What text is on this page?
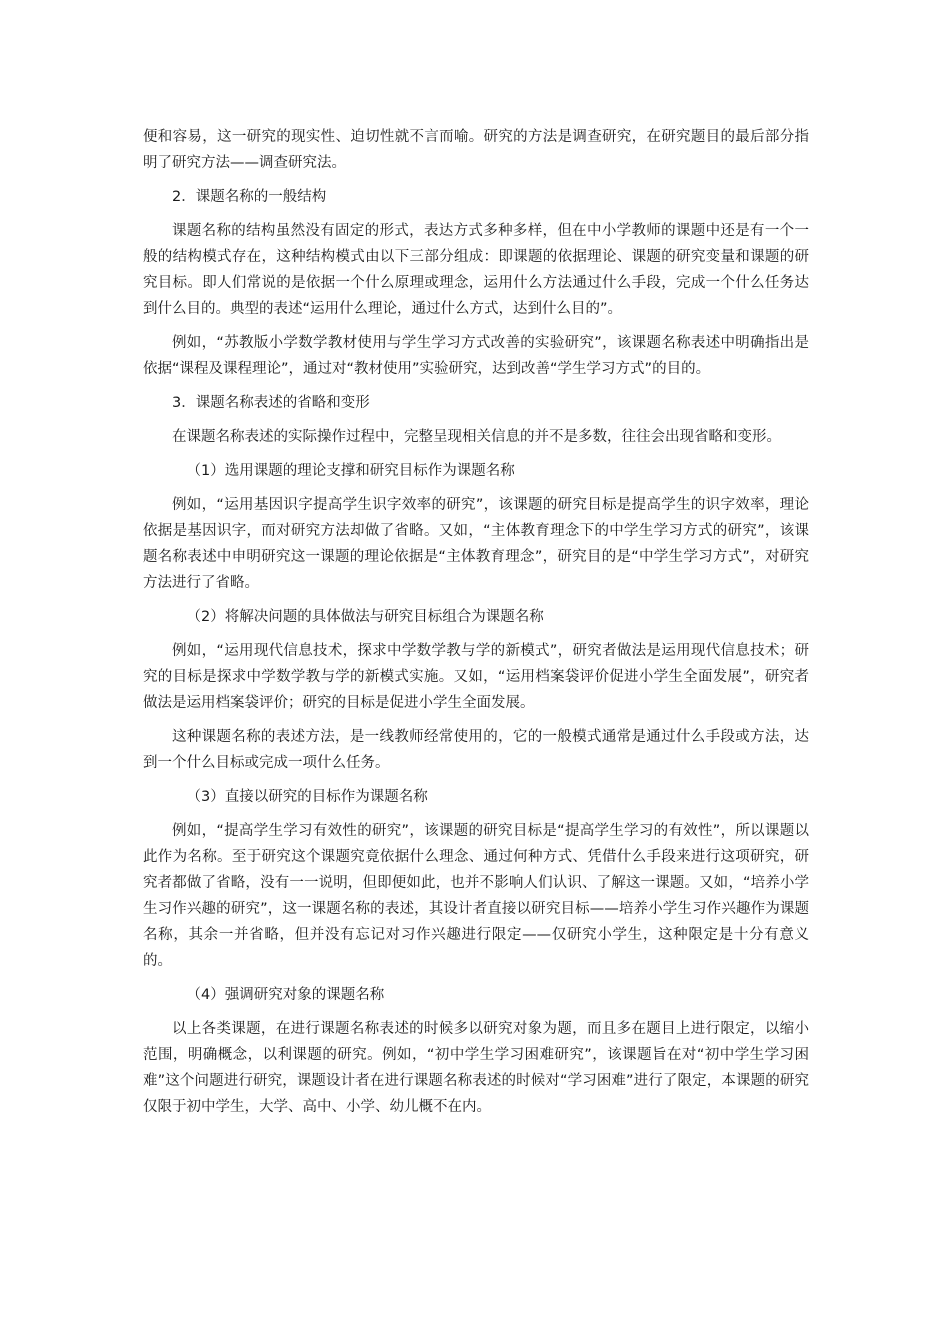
便和容易，这一研究的现实性、迫切性就不言而喻。研究的方法是调查研究，在研究题目的最后部分指明了研究方法——调查研究法。

2．课题名称的一般结构

课题名称的结构虽然没有固定的形式，表达方式多种多样，但在中小学教师的课题中还是有一个一般的结构模式存在，这种结构模式由以下三部分组成：即课题的依据理论、课题的研究变量和课题的研究目标。即人们常说的是依据一个什么原理或理念，运用什么方法通过什么手段，完成一个什么任务达到什么目的。典型的表述“运用什么理论，通过什么方式，达到什么目的”。

例如，“苏教版小学数学教材使用与学生学习方式改善的实验研究”，该课题名称表述中明确指出是依据“课程及课程理论”，通过对“教材使用”实验研究，达到改善“学生学习方式”的目的。

3．课题名称表述的省略和变形

在课题名称表述的实际操作过程中，完整呈现相关信息的并不是多数，往往会出现省略和变形。

（1）选用课题的理论支撑和研究目标作为课题名称

例如，“运用基因识字提高学生识字效率的研究”，该课题的研究目标是提高学生的识字效率，理论依据是基因识字，而对研究方法却做了省略。又如，“主体教育理念下的中学生学习方式的研究”，该课题名称表述中申明研究这一课题的理论依据是“主体教育理念”，研究目的是“中学生学习方式”，对研究方法进行了省略。

（2）将解决问题的具体做法与研究目标组合为课题名称

例如，“运用现代信息技术，探求中学数学教与学的新模式”，研究者做法是运用现代信息技术；研究的目标是探求中学数学教与学的新模式实施。又如，“运用档案袋评价促进小学生全面发展”，研究者做法是运用档案袋评价；研究的目标是促进小学生全面发展。

这种课题名称的表述方法，是一线教师经常使用的，它的一般模式通常是通过什么手段或方法，达到一个什么目标或完成一项什么任务。

（3）直接以研究的目标作为课题名称

例如，“提高学生学习有效性的研究”，该课题的研究目标是“提高学生学习的有效性”，所以课题以此作为名称。至于研究这个课题究竟依据什么理念、通过何种方式、凭借什么手段来进行这项研究，研究者都做了省略，没有一一说明，但即便如此，也并不影响人们认识、了解这一课题。又如，“培养小学生习作兴趣的研究”，这一课题名称的表述，其设计者直接以研究目标——培养小学生习作兴趣作为课题名称，其余一并省略，但并没有忘记对习作兴趣进行限定——仅研究小学生，这种限定是十分有意义的。

（4）强调研究对象的课题名称

以上各类课题，在进行课题名称表述的时候多以研究对象为题，而且多在题目上进行限定，以缩小范围，明确概念，以利课题的研究。例如，“初中学生学习困难研究”，该课题旨在对“初中学生学习困难”这个问题进行研究，课题设计者在进行课题名称表述的时候对“学习困难”进行了限定，本课题的研究仅限于初中学生，大学、高中、小学、幼儿概不在内。
